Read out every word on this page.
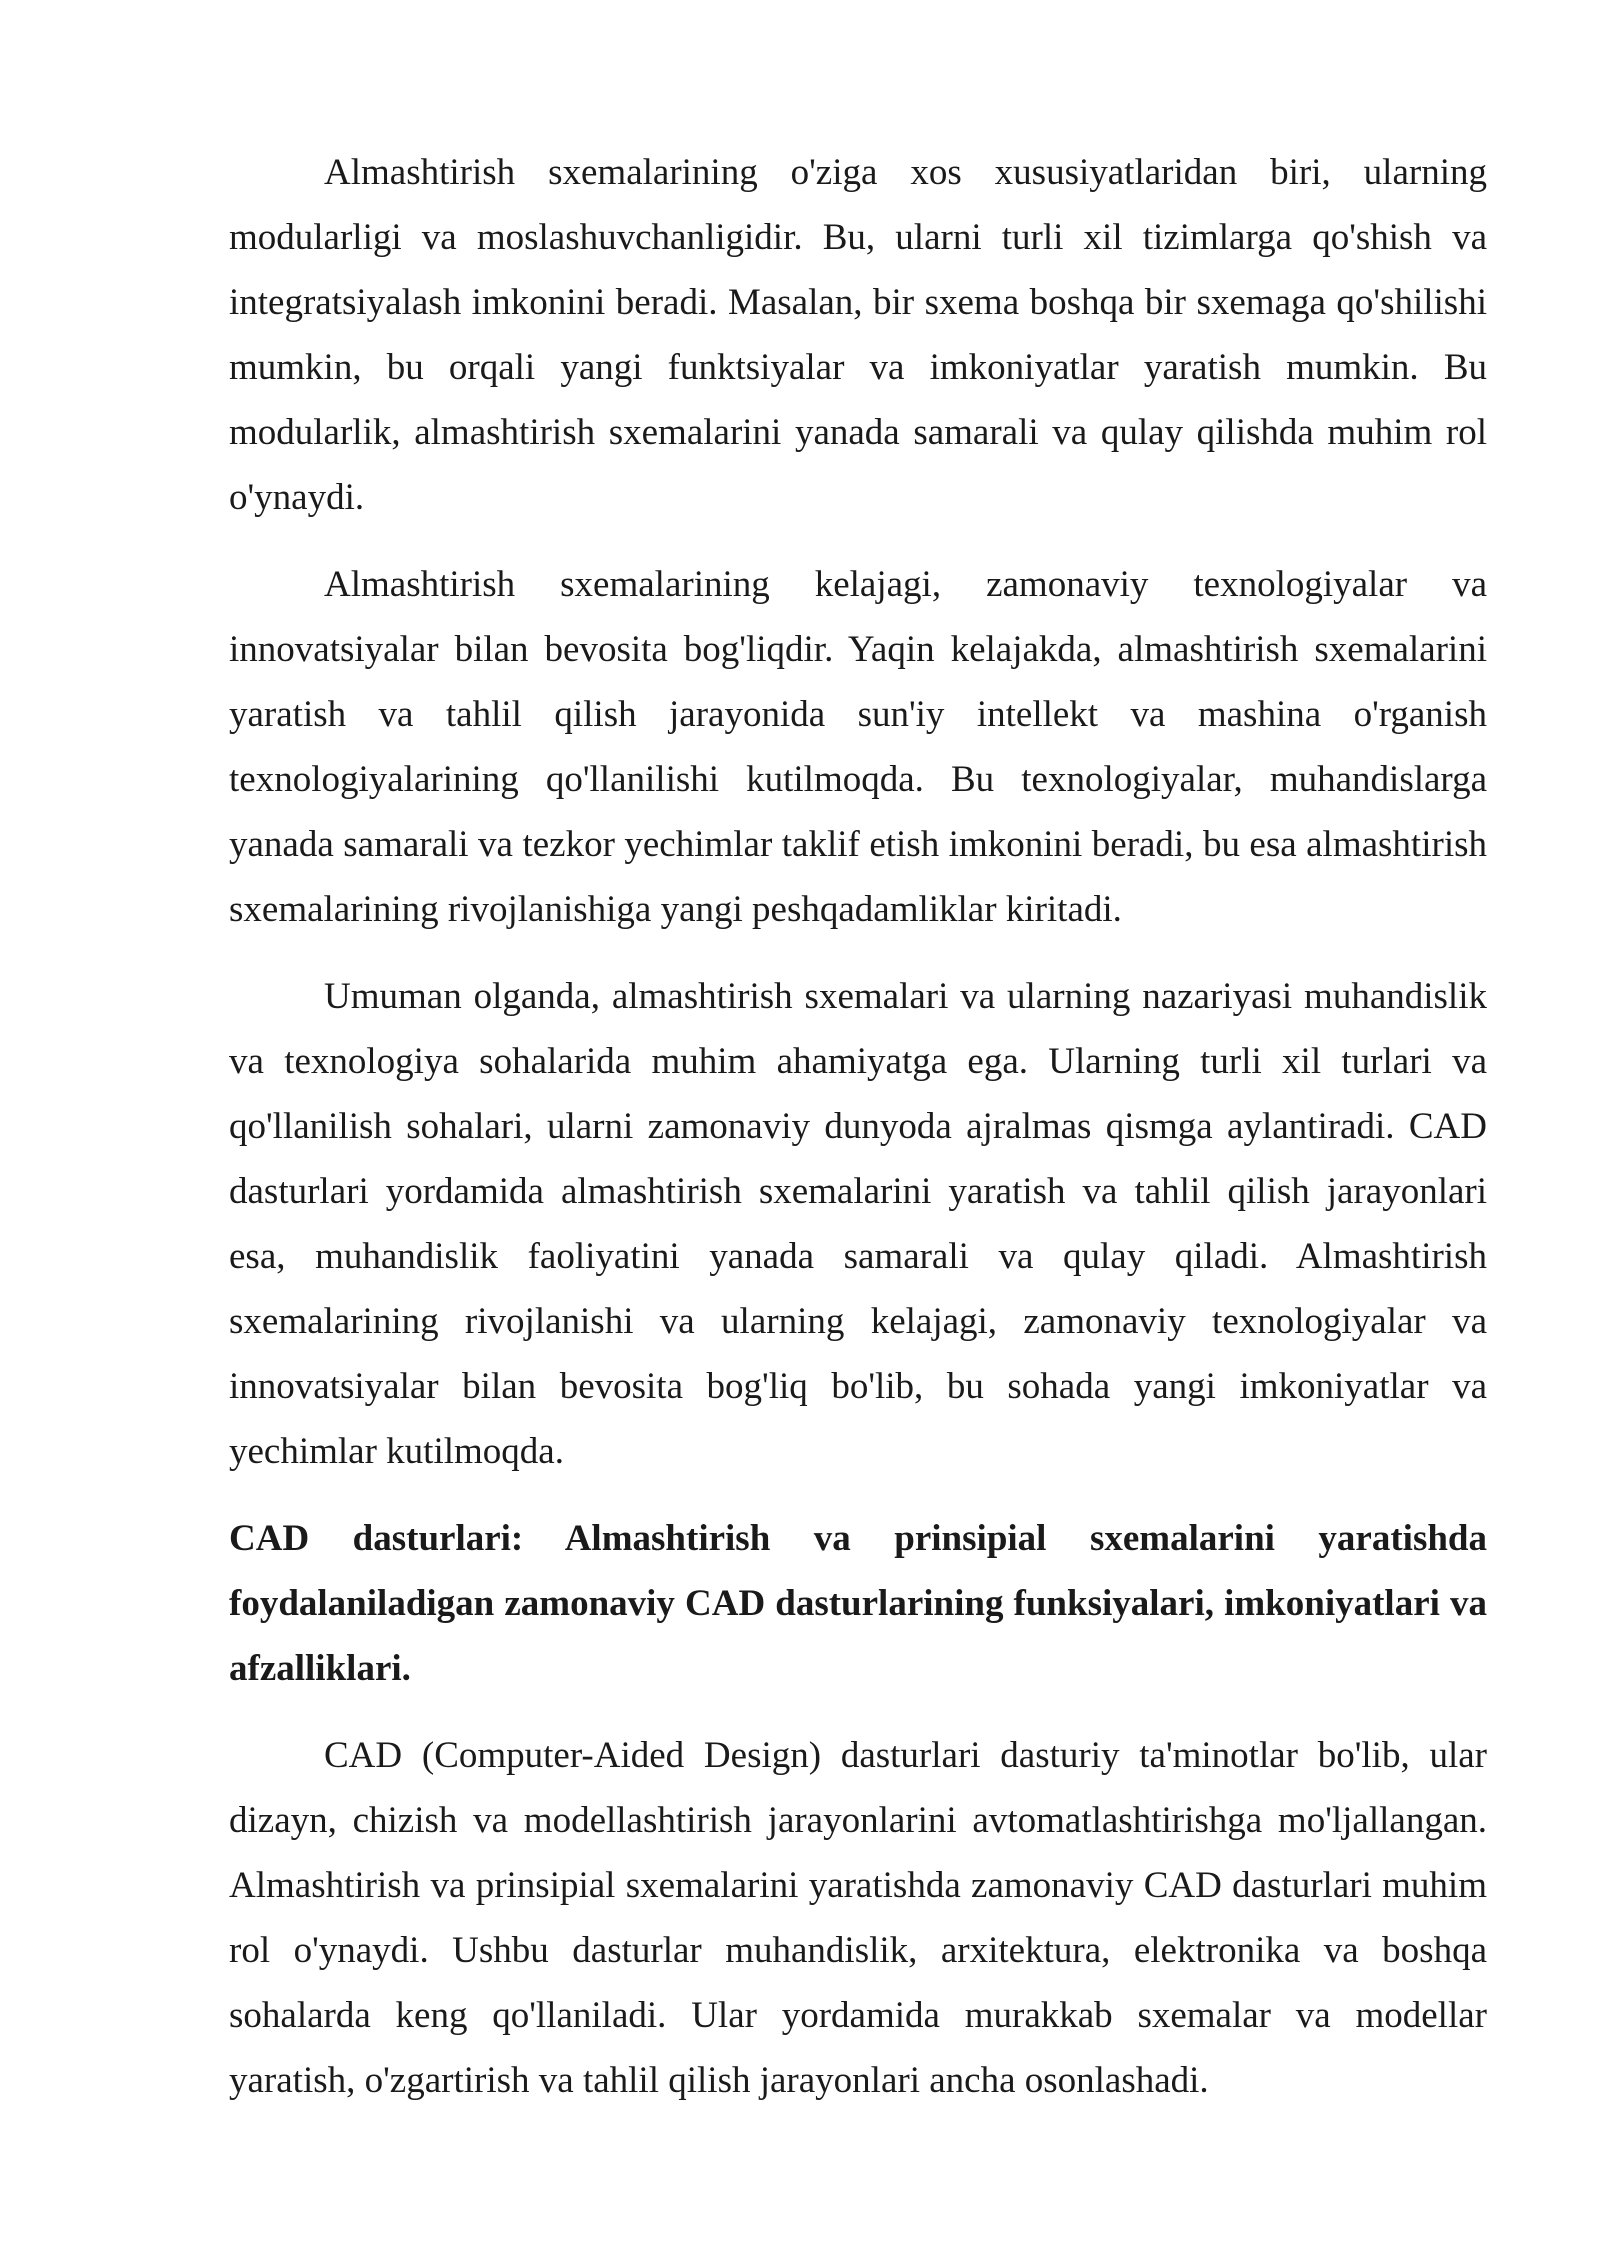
Almashtirish sxemalarining o'ziga xos xususiyatlaridan biri, ularning modularligi va moslashuvchanligidir. Bu, ularni turli xil tizimlarga qo'shish va integratsiyalash imkonini beradi. Masalan, bir sxema boshqa bir sxemaga qo'shilishi mumkin, bu orqali yangi funktsiyalar va imkoniyatlar yaratish mumkin. Bu modularlik, almashtirish sxemalarini yanada samarali va qulay qilishda muhim rol o'ynaydi.

Almashtirish sxemalarining kelajagi, zamonaviy texnologiyalar va innovatsiyalar bilan bevosita bog'liqdir. Yaqin kelajakda, almashtirish sxemalarini yaratish va tahlil qilish jarayonida sun'iy intellekt va mashina o'rganish texnologiyalarining qo'llanilishi kutilmoqda. Bu texnologiyalar, muhandislarga yanada samarali va tezkor yechimlar taklif etish imkonini beradi, bu esa almashtirish sxemalarining rivojlanishiga yangi peshqadamliklar kiritadi.

Umuman olganda, almashtirish sxemalari va ularning nazariyasi muhandislik va texnologiya sohalarida muhim ahamiyatga ega. Ularning turli xil turlari va qo'llanilish sohalari, ularni zamonaviy dunyoda ajralmas qismga aylantiradi. CAD dasturlari yordamida almashtirish sxemalarini yaratish va tahlil qilish jarayonlari esa, muhandislik faoliyatini yanada samarali va qulay qiladi. Almashtirish sxemalarining rivojlanishi va ularning kelajagi, zamonaviy texnologiyalar va innovatsiyalar bilan bevosita bog'liq bo'lib, bu sohada yangi imkoniyatlar va yechimlar kutilmoqda.

CAD dasturlari: Almashtirish va prinsipial sxemalarini yaratishda foydalaniladigan zamonaviy CAD dasturlarining funksiyalari, imkoniyatlari va afzalliklari.

CAD (Computer-Aided Design) dasturlari dasturiy ta'minotlar bo'lib, ular dizayn, chizish va modellashtirish jarayonlarini avtomatlashtirishga mo'ljallangan. Almashtirish va prinsipial sxemalarini yaratishda zamonaviy CAD dasturlari muhim rol o'ynaydi. Ushbu dasturlar muhandislik, arxitektura, elektronika va boshqa sohalarda keng qo'llaniladi. Ular yordamida murakkab sxemalar va modellar yaratish, o'zgartirish va tahlil qilish jarayonlari ancha osonlashadi.
